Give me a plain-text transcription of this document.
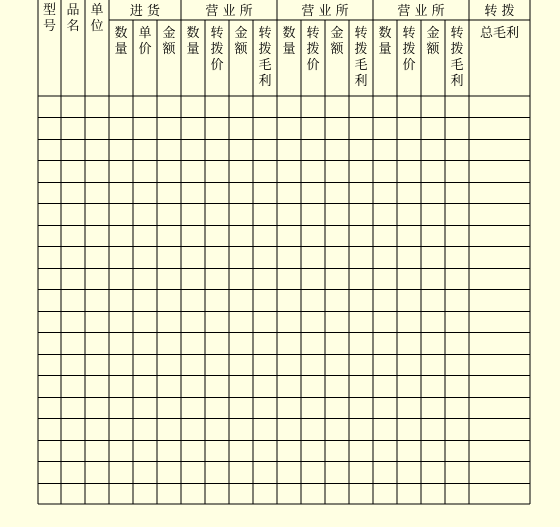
型号
品名
单位
进 货
数量
单价
金额
营 业 所
数量
转拨价
金额
转拨毛利
营 业 所
数量
转拨价
金额
转拨毛利
营 业 所
数量
转拨价
金额
转拨毛利
转 拨
总毛利
